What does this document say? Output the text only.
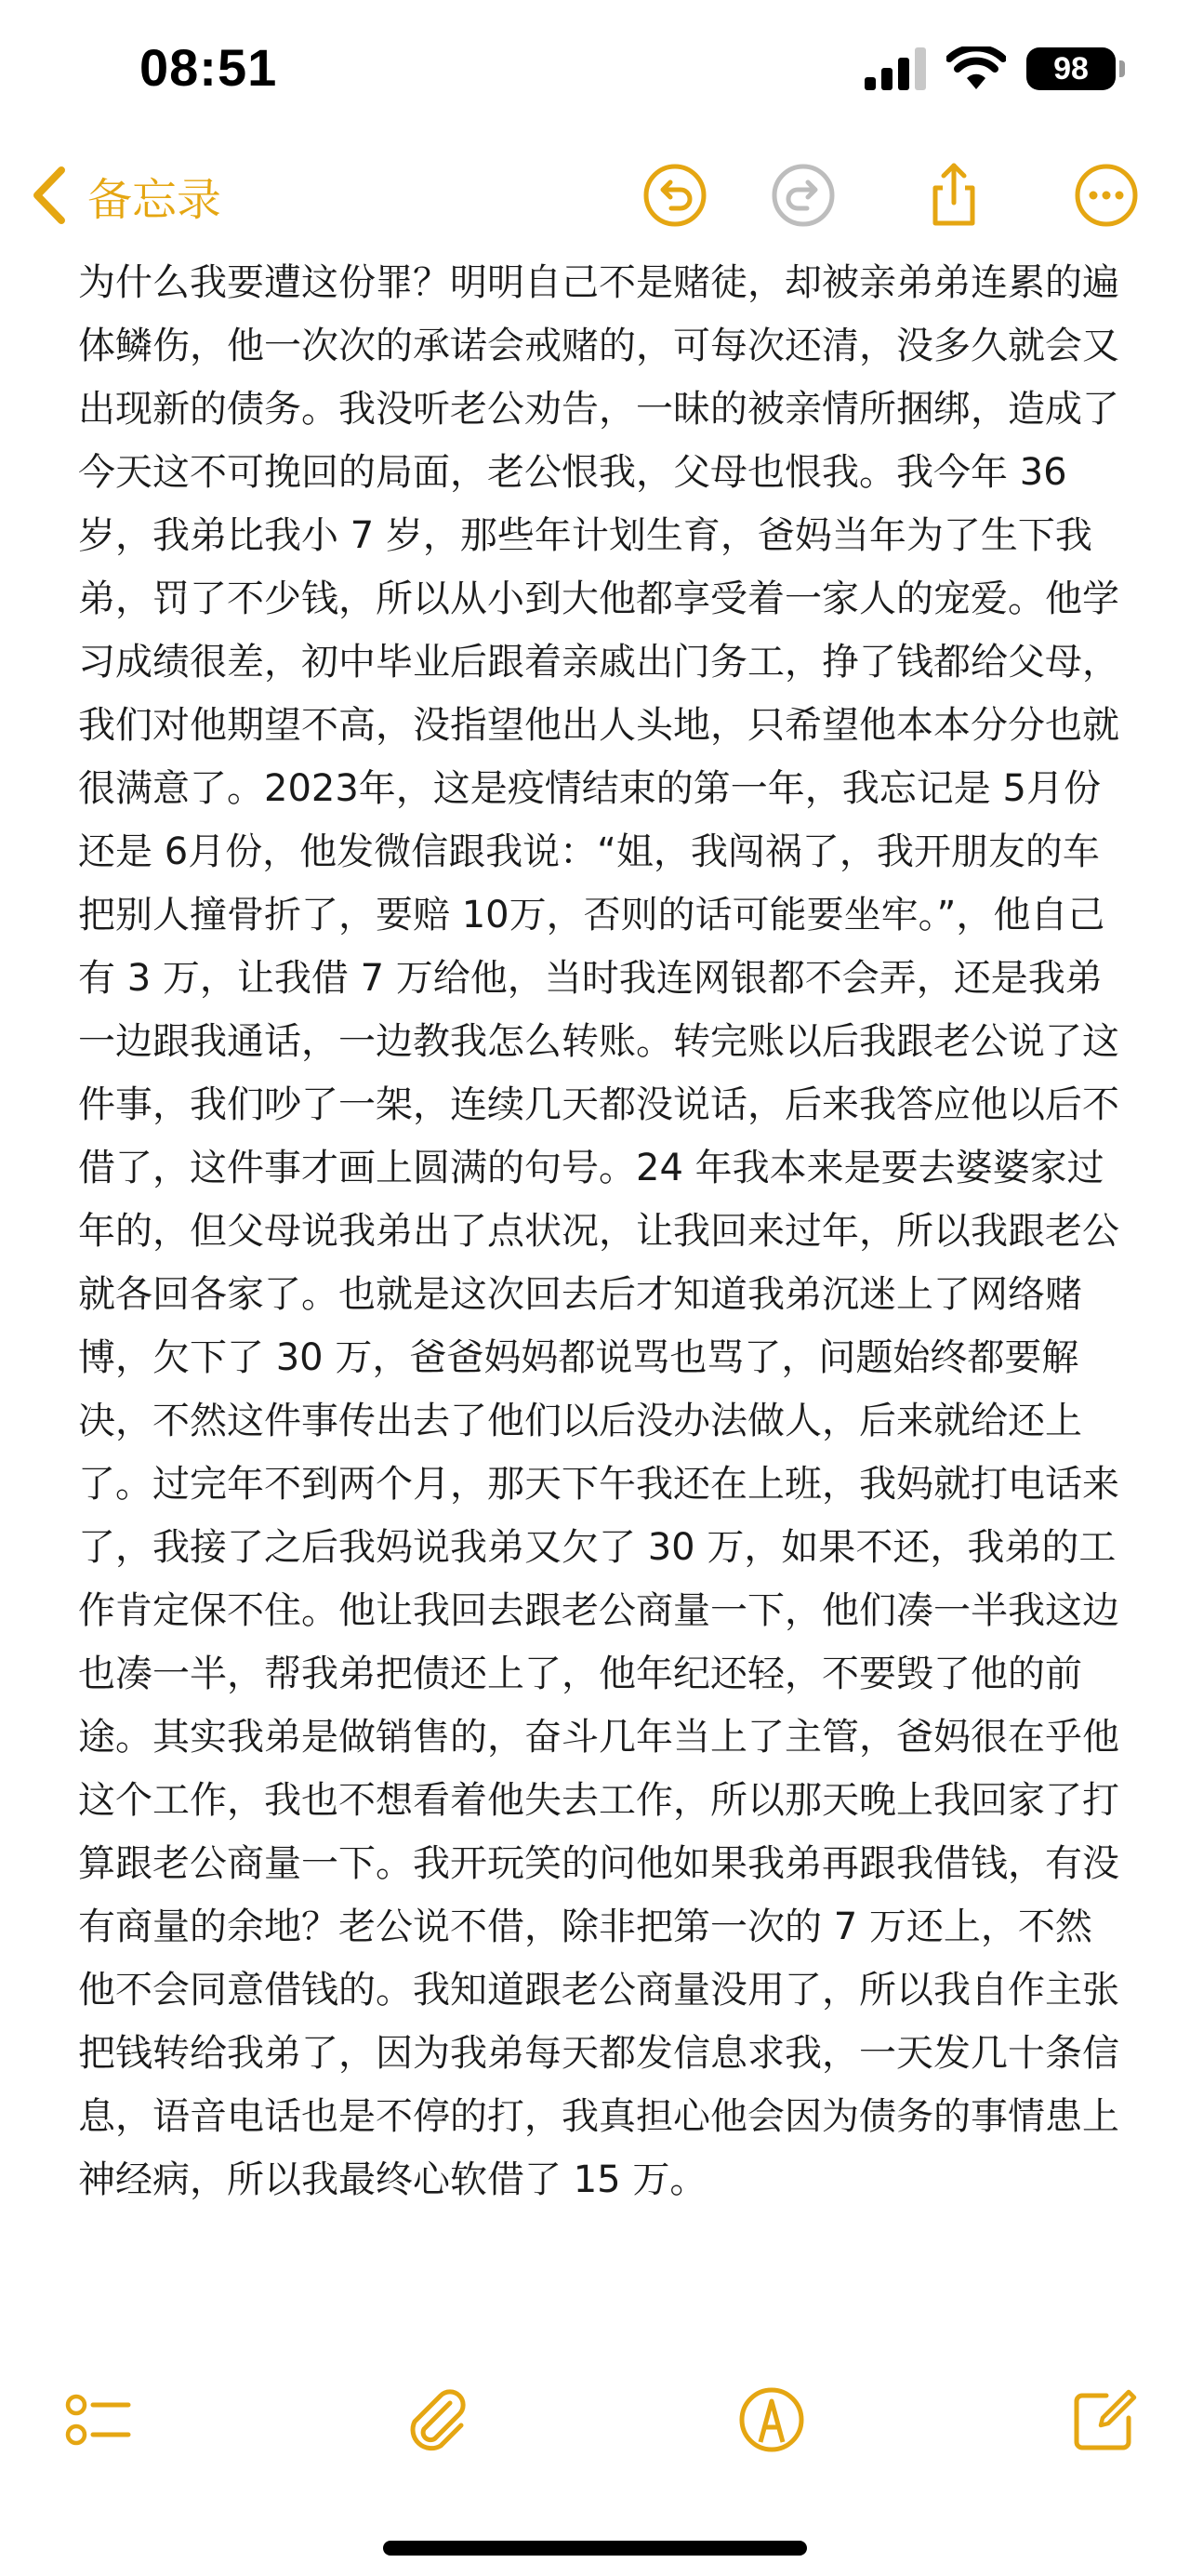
08:51	98
备忘录

为什么我要遭这份罪？明明自己不是赌徒，却被亲弟弟连累的遍体鳞伤，他一次次的承诺会戒赌的，可每次还清，没多久就会又出现新的债务。我没听老公劝告，一昧的被亲情所捆绑，造成了今天这不可挽回的局面，老公恨我，父母也恨我。我今年 36 岁，我弟比我小 7 岁，那些年计划生育，爸妈当年为了生下我弟，罚了不少钱，所以从小到大他都享受着一家人的宠爱。他学习成绩很差，初中毕业后跟着亲戚出门务工，挣了钱都给父母，我们对他期望不高，没指望他出人头地，只希望他本本分分也就很满意了。2023年，这是疫情结束的第一年，我忘记是 5月份还是 6月份，他发微信跟我说：“姐，我闯祸了，我开朋友的车把别人撞骨折了，要赔 10万，否则的话可能要坐牢。”，他自己有 3 万，让我借 7 万给他，当时我连网银都不会弄，还是我弟一边跟我通话，一边教我怎么转账。转完账以后我跟老公说了这件事，我们吵了一架，连续几天都没说话，后来我答应他以后不借了，这件事才画上圆满的句号。24 年我本来是要去婆婆家过年的，但父母说我弟出了点状况，让我回来过年，所以我跟老公就各回各家了。也就是这次回去后才知道我弟沉迷上了网络赌博，欠下了 30 万，爸爸妈妈都说骂也骂了，问题始终都要解决，不然这件事传出去了他们以后没办法做人，后来就给还上了。过完年不到两个月，那天下午我还在上班，我妈就打电话来了，我接了之后我妈说我弟又欠了 30 万，如果不还，我弟的工作肯定保不住。他让我回去跟老公商量一下，他们凑一半我这边也凑一半，帮我弟把债还上了，他年纪还轻，不要毁了他的前途。其实我弟是做销售的，奋斗几年当上了主管，爸妈很在乎他这个工作，我也不想看着他失去工作，所以那天晚上我回家了打算跟老公商量一下。我开玩笑的问他如果我弟再跟我借钱，有没有商量的余地？老公说不借，除非把第一次的 7 万还上，不然他不会同意借钱的。我知道跟老公商量没用了，所以我自作主张把钱转给我弟了，因为我弟每天都发信息求我，一天发几十条信息，语音电话也是不停的打，我真担心他会因为债务的事情患上神经病，所以我最终心软借了 15 万。
